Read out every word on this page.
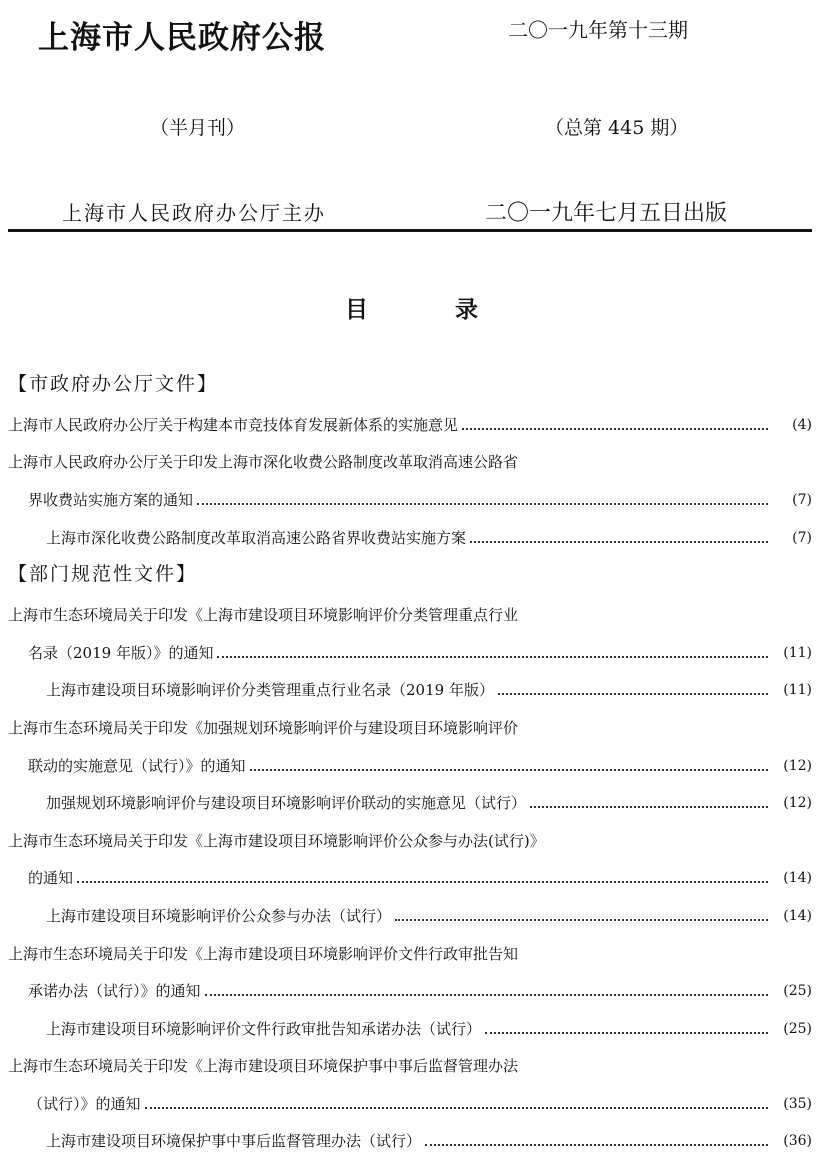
上海市人民政府公报	二〇一九年第十三期
（半月刊）	（总第 445 期）
上海市人民政府办公厅主办	二〇一九年七月五日出版
目	录
【市政府办公厅文件】
上海市人民政府办公厅关于构建本市竞技体育发展新体系的实施意见	(4)
上海市人民政府办公厅关于印发上海市深化收费公路制度改革取消高速公路省
界收费站实施方案的通知	(7)
上海市深化收费公路制度改革取消高速公路省界收费站实施方案	(7)
【部门规范性文件】
上海市生态环境局关于印发《上海市建设项目环境影响评价分类管理重点行业
名录（2019 年版）》的通知	(11)
上海市建设项目环境影响评价分类管理重点行业名录（2019 年版）	(11)
上海市生态环境局关于印发《加强规划环境影响评价与建设项目环境影响评价
联动的实施意见（试行）》的通知	(12)
加强规划环境影响评价与建设项目环境影响评价联动的实施意见（试行）	(12)
上海市生态环境局关于印发《上海市建设项目环境影响评价公众参与办法(试行)》
的通知	(14)
上海市建设项目环境影响评价公众参与办法（试行）	(14)
上海市生态环境局关于印发《上海市建设项目环境影响评价文件行政审批告知
承诺办法（试行）》的通知	(25)
上海市建设项目环境影响评价文件行政审批告知承诺办法（试行）	(25)
上海市生态环境局关于印发《上海市建设项目环境保护事中事后监督管理办法
（试行）》的通知	(35)
上海市建设项目环境保护事中事后监督管理办法（试行）	(36)
